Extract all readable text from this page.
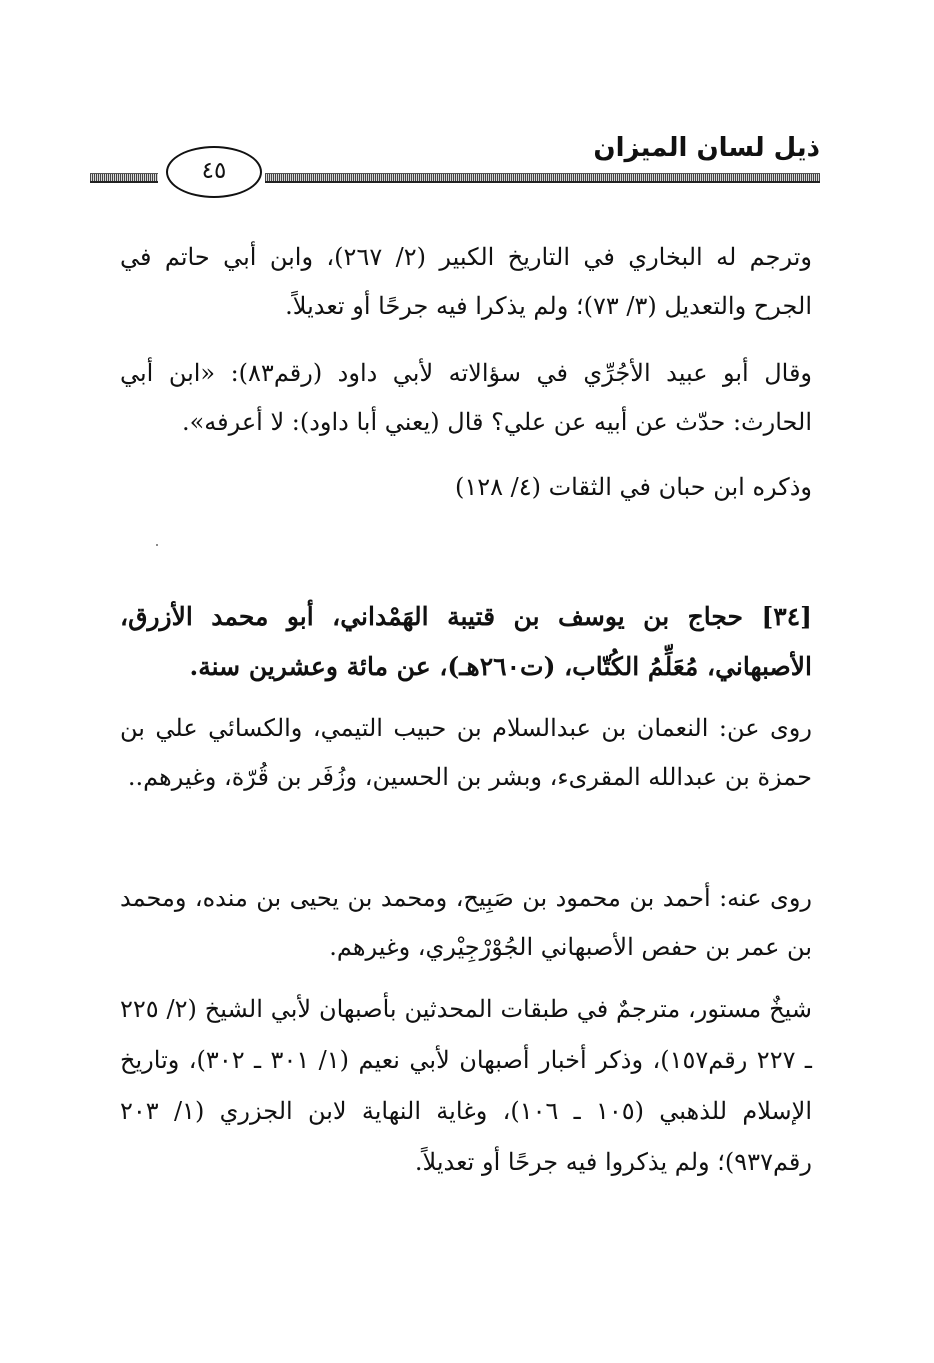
ذيل لسان الميزان
٤٥
وترجم له البخاري في التاريخ الكبير (٢/ ٢٦٧)، وابن أبي حاتم في الجرح والتعديل (٣/ ٧٣)؛ ولم يذكرا فيه جرحًا أو تعديلاً.
وقال أبو عبيد الأجُرِّي في سؤالاته لأبي داود (رقم٨٣): «ابن أبي الحارث: حدّث عن أبيه عن علي؟ قال (يعني أبا داود): لا أعرفه».
وذكره ابن حبان في الثقات (٤/ ١٢٨)
[٣٤] حجاج بن يوسف بن قتيبة الهَمْداني، أبو محمد الأزرق، الأصبهاني، مُعَلِّمُ الكُتّاب، (ت٢٦٠هـ)، عن مائة وعشرين سنة.
روى عن: النعمان بن عبدالسلام بن حبيب التيمي، والكسائي علي بن حمزة بن عبدالله المقرىء، وبشر بن الحسين، وزُفَر بن قُرّة، وغيرهم..
روى عنه: أحمد بن محمود بن صَبِيح، ومحمد بن يحيى بن منده، ومحمد بن عمر بن حفص الأصبهاني الجُوْرْجِيْري، وغيرهم.
شيخٌ مستور، مترجمٌ في طبقات المحدثين بأصبهان لأبي الشيخ (٢/ ٢٢٥ ـ ٢٢٧ رقم١٥٧)، وذكر أخبار أصبهان لأبي نعيم (١/ ٣٠١ ـ ٣٠٢)، وتاريخ الإسلام للذهبي (١٠٥ ـ ١٠٦)، وغاية النهاية لابن الجزري (١/ ٢٠٣ رقم٩٣٧)؛ ولم يذكروا فيه جرحًا أو تعديلاً.
